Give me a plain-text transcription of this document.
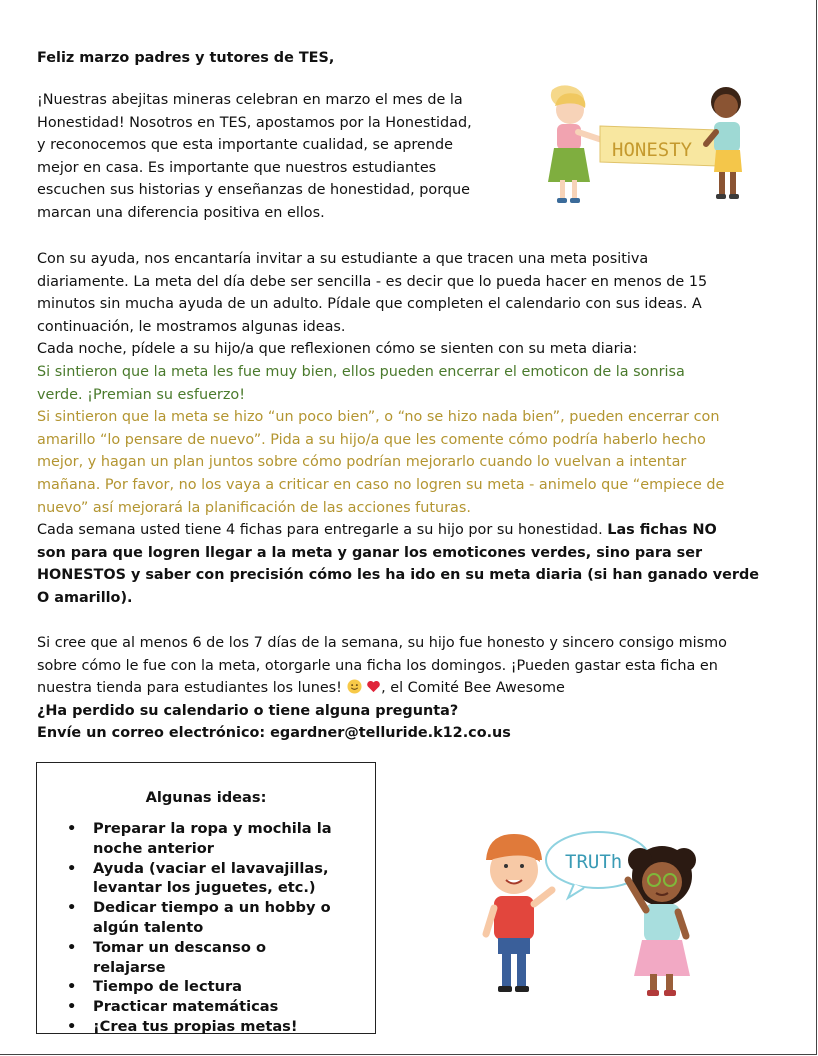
Feliz marzo padres y tutores de TES,
¡Nuestras abejitas mineras celebran en marzo el mes de la
Honestidad! Nosotros en TES, apostamos por la Honestidad,
y reconocemos que esta importante cualidad, se aprende
mejor en casa. Es importante que nuestros estudiantes
escuchen sus historias y enseñanzas de honestidad, porque
marcan una diferencia positiva en ellos.
HONESTY
Con su ayuda, nos encantaría invitar a su estudiante a que tracen una meta positiva
diariamente. La meta del día debe ser sencilla - es decir que lo pueda hacer en menos de 15
minutos sin mucha ayuda de un adulto. Pídale que completen el calendario con sus ideas. A
continuación, le mostramos algunas ideas.
Cada noche, pídele a su hijo/a que reflexionen cómo se sienten con su meta diaria:
Si sintieron que la meta les fue muy bien, ellos pueden encerrar el emoticon de la sonrisa
verde. ¡Premian su esfuerzo!
Si sintieron que la meta se hizo “un poco bien”, o “no se hizo nada bien”, pueden encerrar con
amarillo “lo pensare de nuevo”. Pida a su hijo/a que les comente cómo podría haberlo hecho
mejor, y hagan un plan juntos sobre cómo podrían mejorarlo cuando lo vuelvan a intentar
mañana. Por favor, no los vaya a criticar en caso no logren su meta - animelo que “empiece de
nuevo” así mejorará la planificación de las acciones futuras.
Cada semana usted tiene 4 fichas para entregarle a su hijo por su honestidad. Las fichas NO
son para que logren llegar a la meta y ganar los emoticones verdes, sino para ser
HONESTOS y saber con precisión cómo les ha ido en su meta diaria (si han ganado verde
O amarillo).
Si cree que al menos 6 de los 7 días de la semana, su hijo fue honesto y sincero consigo mismo
sobre cómo le fue con la meta, otorgarle una ficha los domingos. ¡Pueden gastar esta ficha en
nuestra tienda para estudiantes los lunes!	, el Comité Bee Awesome
¿Ha perdido su calendario o tiene alguna pregunta?
Envíe un correo electrónico: egardner@telluride.k12.co.us
Algunas ideas:
• Preparar la ropa y mochila la noche anterior
• Ayuda (vaciar el lavavajillas, levantar los juguetes, etc.)
• Dedicar tiempo a un hobby o algún talento
• Tomar un descanso o relajarse
• Tiempo de lectura
• Practicar matemáticas
• ¡Crea tus propias metas!
TRUTh
